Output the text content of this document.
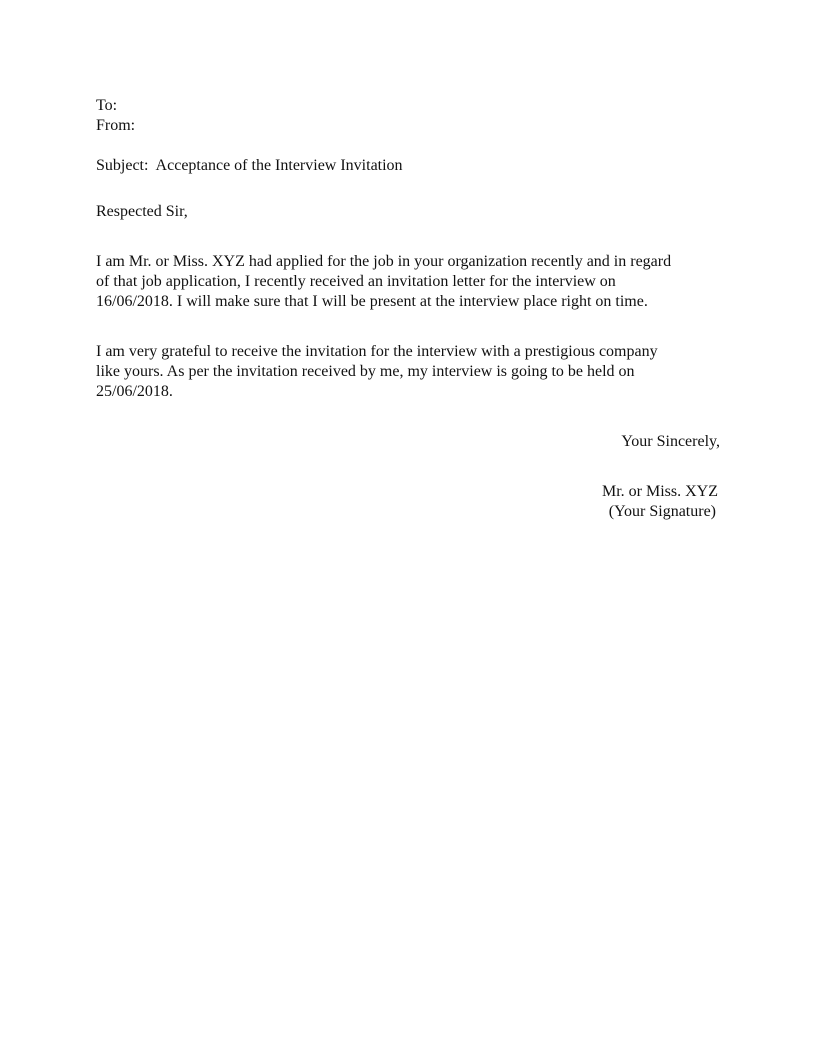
To:
From:
Subject:  Acceptance of the Interview Invitation
Respected Sir,
I am Mr. or Miss. XYZ had applied for the job in your organization recently and in regard
of that job application, I recently received an invitation letter for the interview on
16/06/2018. I will make sure that I will be present at the interview place right on time.
I am very grateful to receive the invitation for the interview with a prestigious company
like yours. As per the invitation received by me, my interview is going to be held on
25/06/2018.
Your Sincerely,
Mr. or Miss. XYZ
(Your Signature)
